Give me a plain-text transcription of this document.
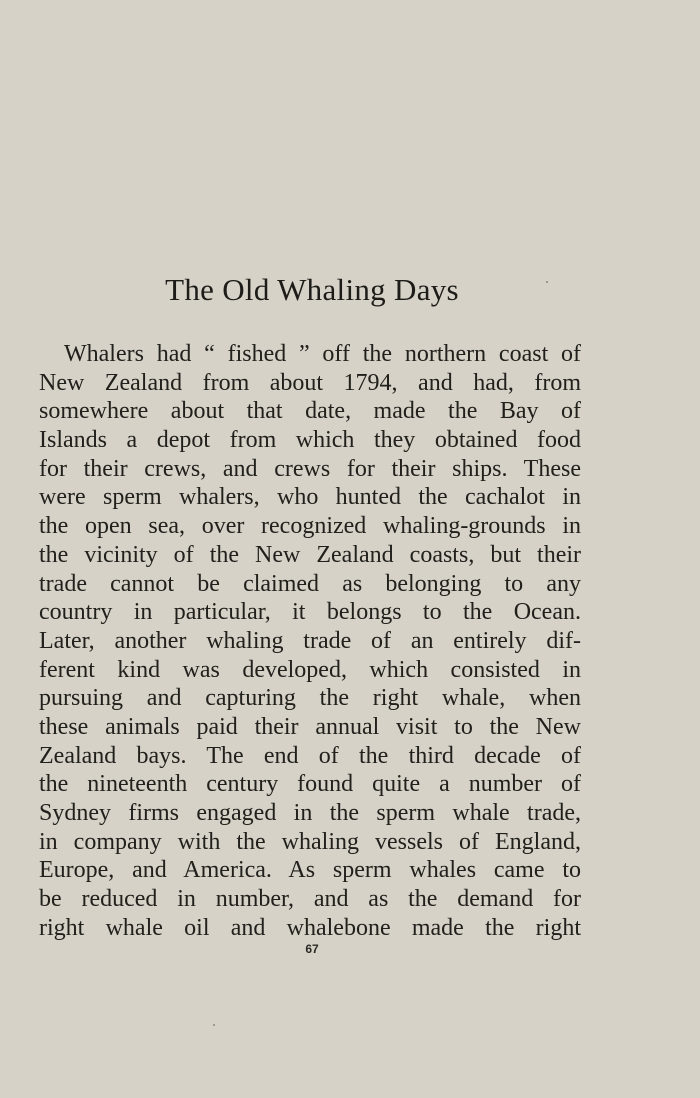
The Old Whaling Days
Whalers had “ fished ” off the northern coast of
New Zealand from about 1794, and had, from
somewhere about that date, made the Bay of
Islands a depot from which they obtained food
for their crews, and crews for their ships. These
were sperm whalers, who hunted the cachalot in
the open sea, over recognized whaling-grounds in
the vicinity of the New Zealand coasts, but their
trade cannot be claimed as belonging to any
country in particular, it belongs to the Ocean.
Later, another whaling trade of an entirely dif-
ferent kind was developed, which consisted in
pursuing and capturing the right whale, when
these animals paid their annual visit to the New
Zealand bays. The end of the third decade of
the nineteenth century found quite a number of
Sydney firms engaged in the sperm whale trade,
in company with the whaling vessels of England,
Europe, and America. As sperm whales came to
be reduced in number, and as the demand for
right whale oil and whalebone made the right
67
